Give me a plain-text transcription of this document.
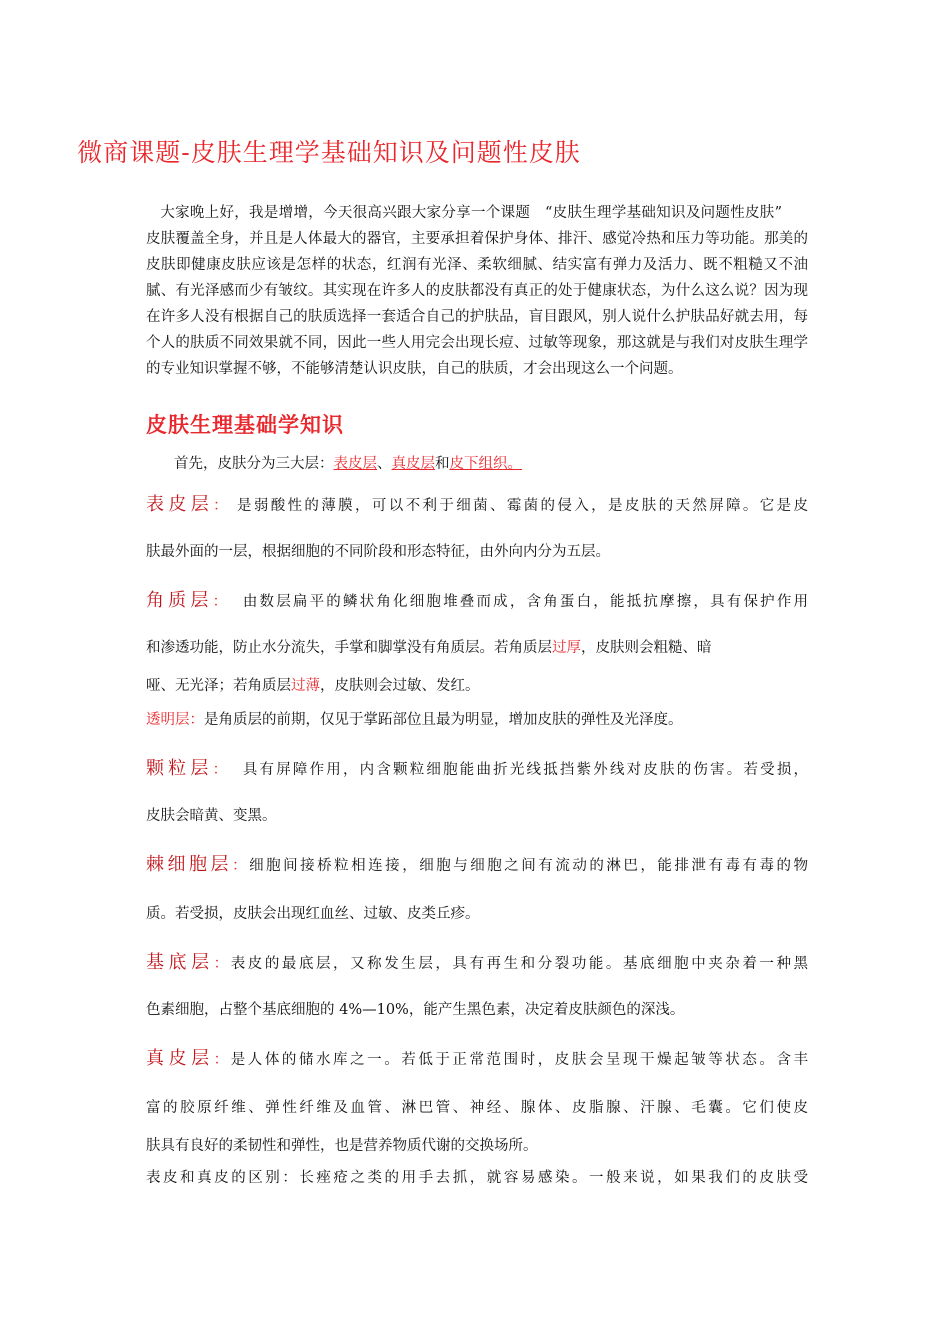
微商课题-皮肤生理学基础知识及问题性皮肤
大家晚上好，我是增增，今天很高兴跟大家分享一个课题　“皮肤生理学基础知识及问题性皮肤”皮肤覆盖全身，并且是人体最大的器官，主要承担着保护身体、排汗、感觉冷热和压力等功能。那美的皮肤即健康皮肤应该是怎样的状态，红润有光泽、柔软细腻、结实富有弹力及活力、既不粗糙又不油腻、有光泽感而少有皱纹。其实现在许多人的皮肤都没有真正的处于健康状态，为什么这么说？因为现在许多人没有根据自己的肤质选择一套适合自己的护肤品，盲目跟风，别人说什么护肤品好就去用，每个人的肤质不同效果就不同，因此一些人用完会出现长痘、过敏等现象，那这就是与我们对皮肤生理学的专业知识掌握不够，不能够清楚认识皮肤，自己的肤质，才会出现这么一个问题。
皮肤生理基础学知识
首先，皮肤分为三大层：表皮层、真皮层和皮下组织。
表皮层： 是弱酸性的薄膜，可以不利于细菌、霉菌的侵入，是皮肤的天然屏障。它是皮
肤最外面的一层，根据细胞的不同阶段和形态特征，由外向内分为五层。
角质层： 由数层扁平的鳞状角化细胞堆叠而成，含角蛋白，能抵抗摩擦，具有保护作用
和渗透功能，防止水分流失，手掌和脚掌没有角质层。若角质层过厚，皮肤则会粗糙、暗
哑、无光泽；若角质层过薄，皮肤则会过敏、发红。
透明层：是角质层的前期，仅见于掌跖部位且最为明显，增加皮肤的弹性及光泽度。
颗粒层： 具有屏障作用，内含颗粒细胞能曲折光线抵挡紫外线对皮肤的伤害。若受损，
皮肤会暗黄、变黑。
棘细胞层：细胞间接桥粒相连接，细胞与细胞之间有流动的淋巴，能排泄有毒有毒的物
质。若受损，皮肤会出现红血丝、过敏、皮类丘疹。
基底层：表皮的最底层，又称发生层，具有再生和分裂功能。基底细胞中夹杂着一种黑
色素细胞，占整个基底细胞的 4%—10%，能产生黑色素，决定着皮肤颜色的深浅。
真皮层：是人体的储水库之一。若低于正常范围时，皮肤会呈现干燥起皱等状态。含丰
富的胶原纤维、弹性纤维及血管、淋巴管、神经、腺体、皮脂腺、汗腺、毛囊。它们使皮
肤具有良好的柔韧性和弹性，也是营养物质代谢的交换场所。
表皮和真皮的区别：长痤疮之类的用手去抓，就容易感染。一般来说，如果我们的皮肤受
